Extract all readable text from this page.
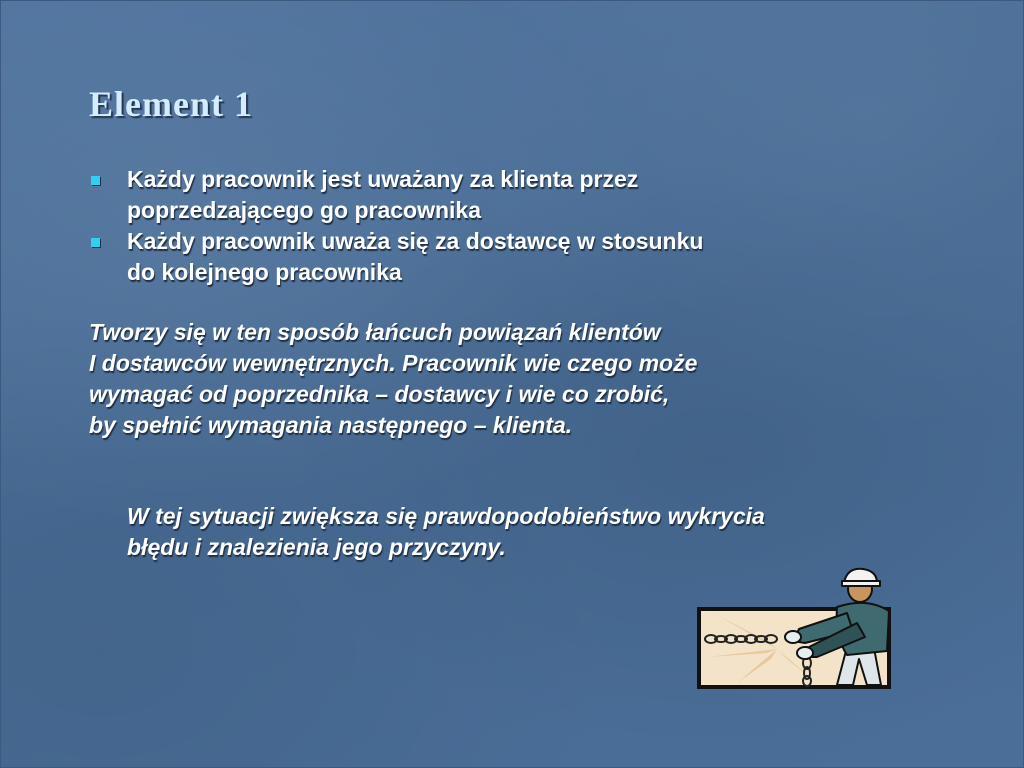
Element 1
Każdy pracownik jest uważany za klienta przez
poprzedzającego go pracownika
Każdy pracownik uważa się za dostawcę w stosunku
do kolejnego pracownika
Tworzy się w ten sposób łańcuch powiązań klientów
I dostawców wewnętrznych. Pracownik wie czego może
wymagać od poprzednika – dostawcy i wie co zrobić,
by spełnić wymagania następnego – klienta.
W tej sytuacji zwiększa się prawdopodobieństwo wykrycia
błędu i znalezienia jego przyczyny.
